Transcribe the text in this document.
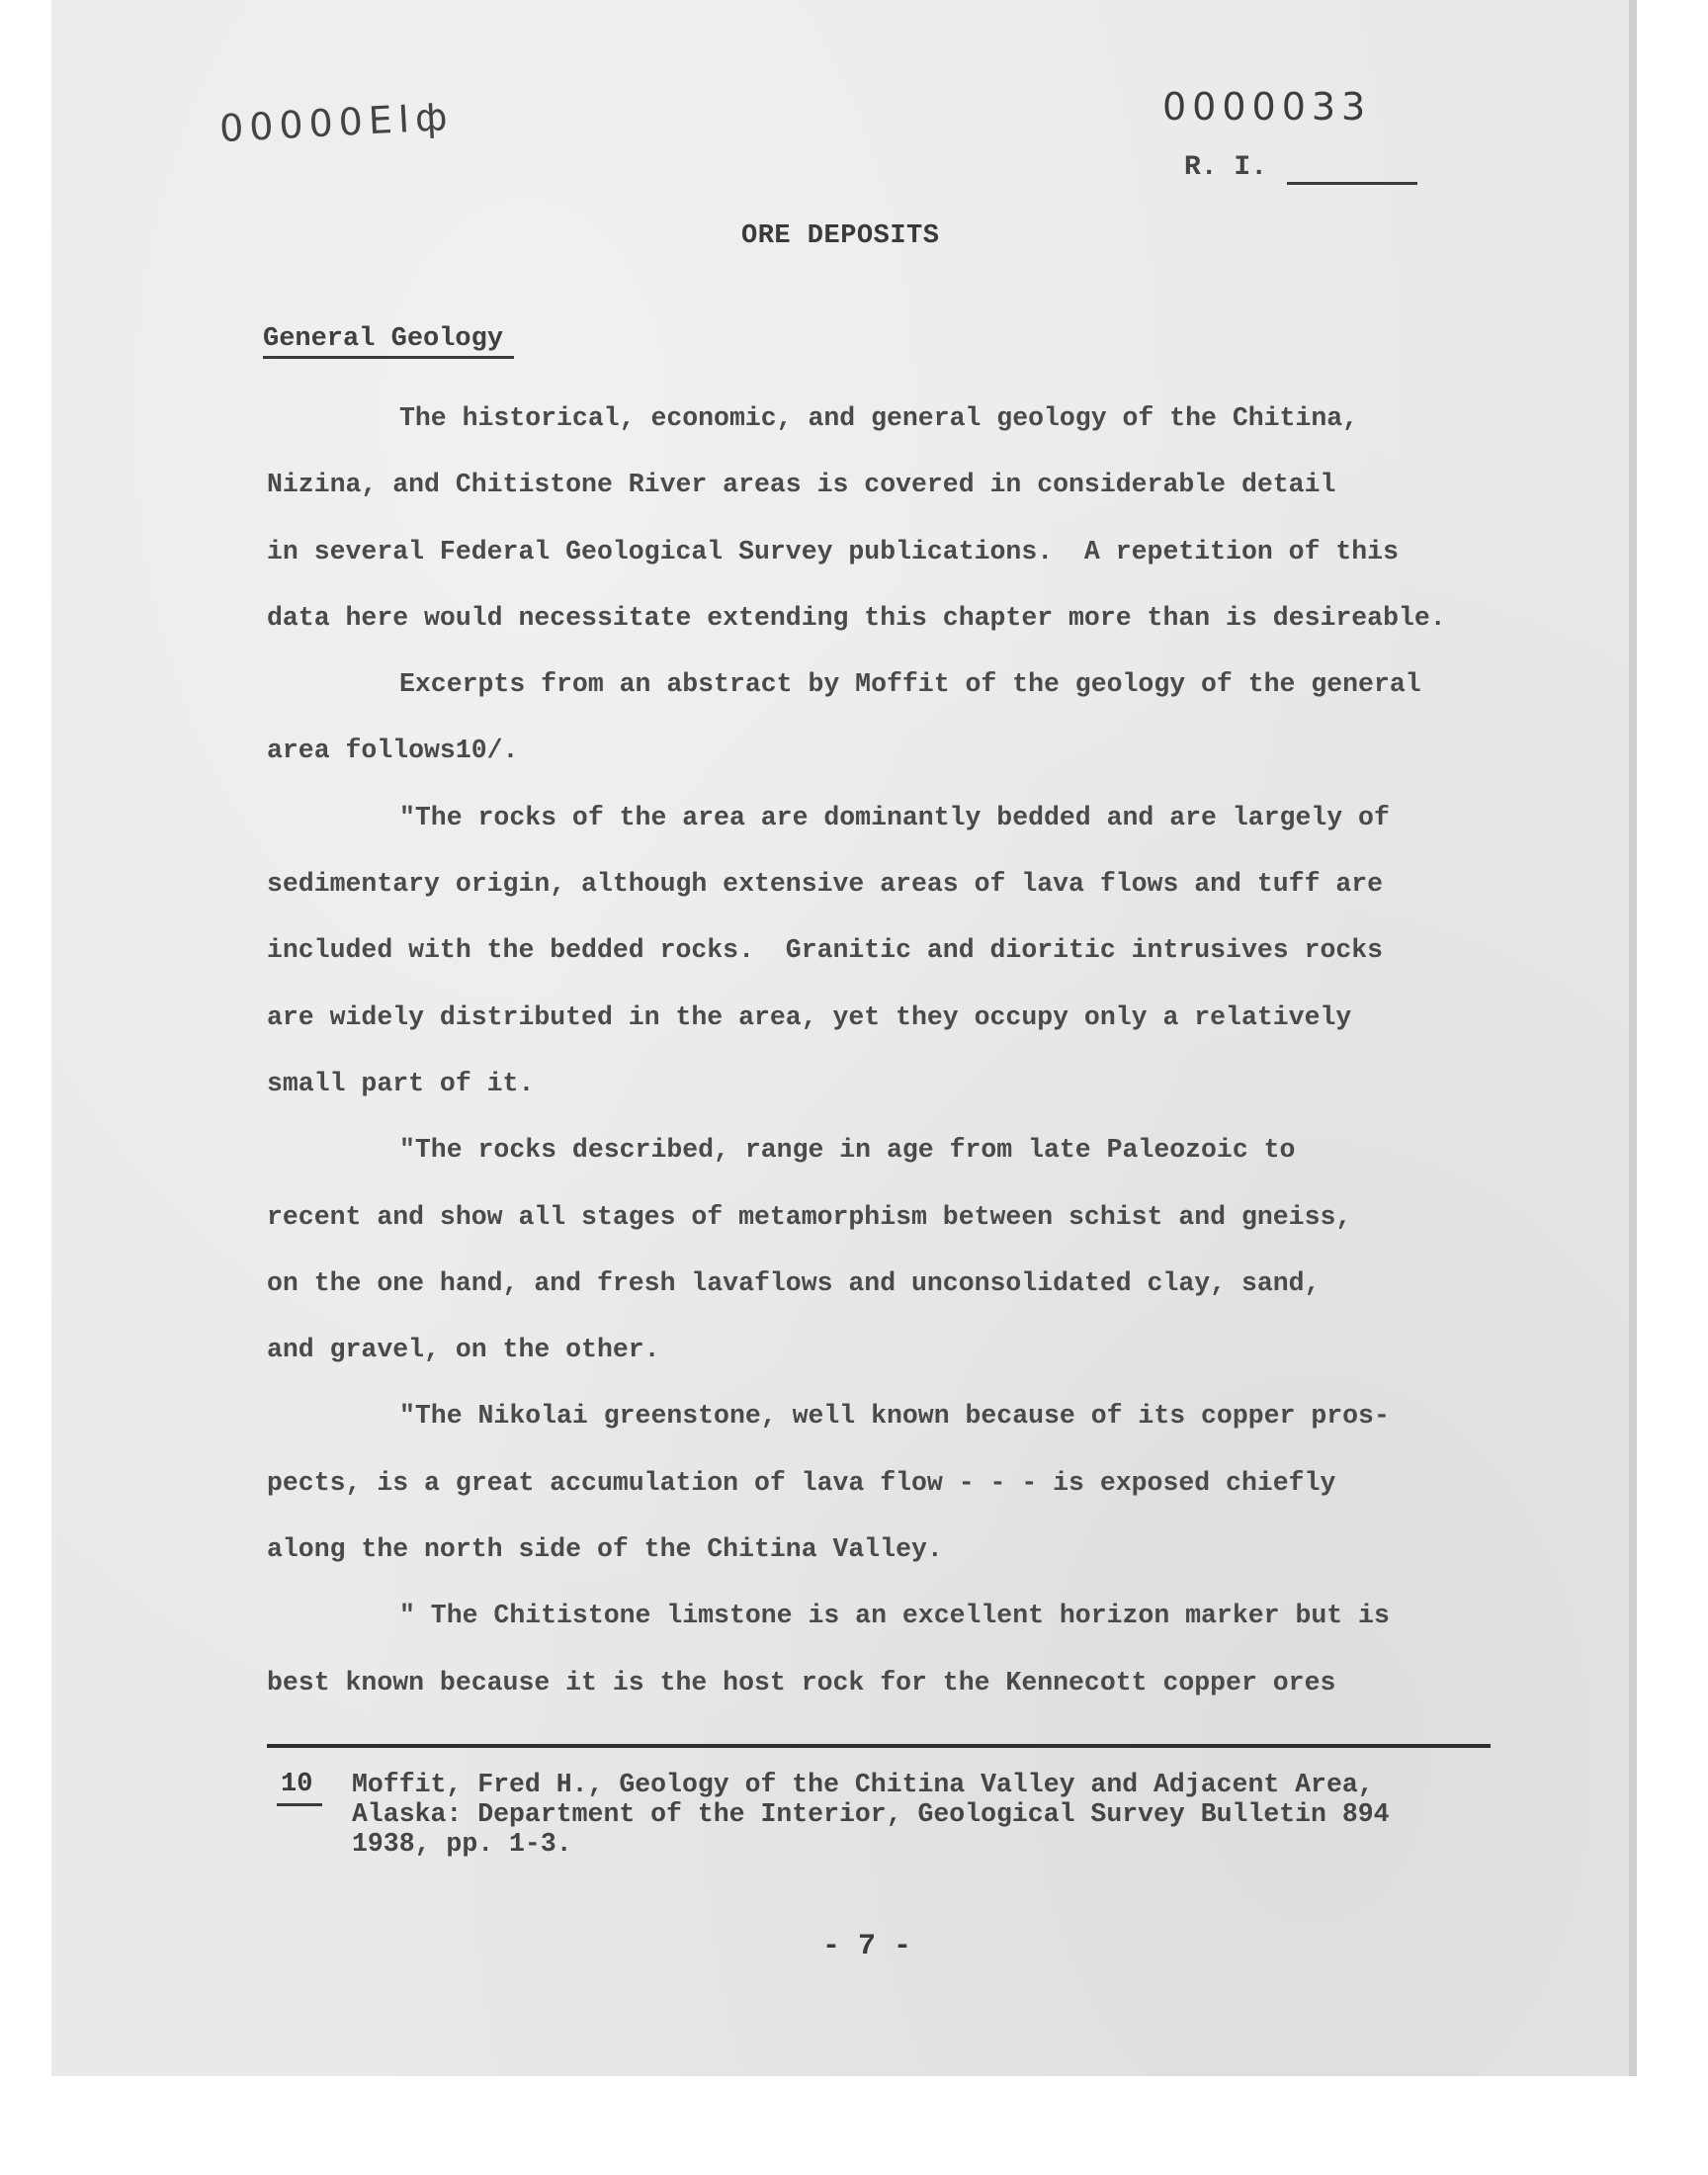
00000EΙф	0000033
R. I.
ORE DEPOSITS
General Geology
The historical, economic, and general geology of the Chitina,
Nizina, and Chitistone River areas is covered in considerable detail
in several Federal Geological Survey publications.  A repetition of this
data here would necessitate extending this chapter more than is desireable.
Excerpts from an abstract by Moffit of the geology of the general
area follows10/.
"The rocks of the area are dominantly bedded and are largely of
sedimentary origin, although extensive areas of lava flows and tuff are
included with the bedded rocks.  Granitic and dioritic intrusives rocks
are widely distributed in the area, yet they occupy only a relatively
small part of it.
"The rocks described, range in age from late Paleozoic to
recent and show all stages of metamorphism between schist and gneiss,
on the one hand, and fresh lavaflows and unconsolidated clay, sand,
and gravel, on the other.
"The Nikolai greenstone, well known because of its copper pros-
pects, is a great accumulation of lava flow - - - is exposed chiefly
along the north side of the Chitina Valley.
" The Chitistone limstone is an excellent horizon marker but is
best known because it is the host rock for the Kennecott copper ores
10 Moffit, Fred H., Geology of the Chitina Valley and Adjacent Area,
Alaska: Department of the Interior, Geological Survey Bulletin 894
1938, pp. 1-3.
- 7 -
